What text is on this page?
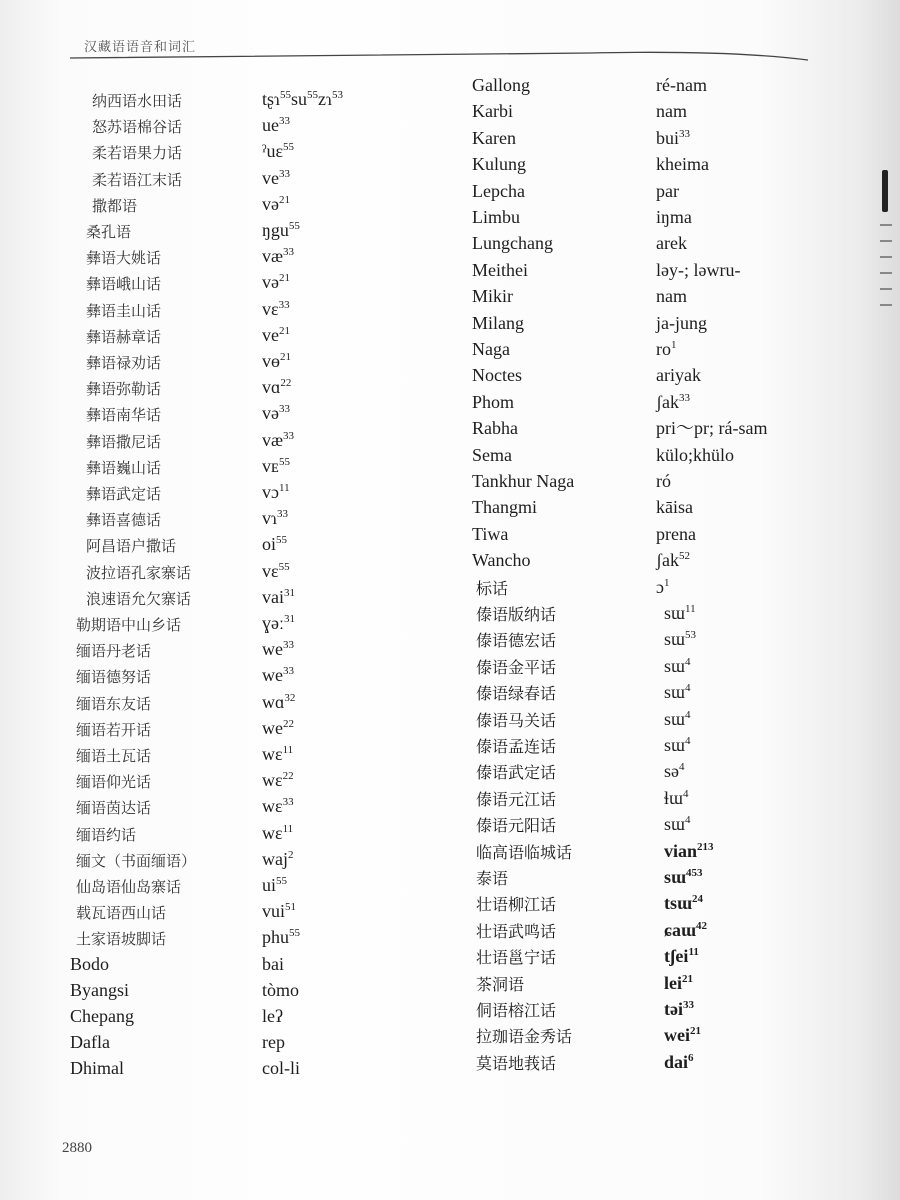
汉藏语语音和词汇
2880
纳西语水田话	$tʂɿ^{55}su^{55}zɿ^{53}$
怒苏语棉谷话	$ue^{33}$
柔若语果力话	ˀuɛ$^{55}$
柔若语江末话	$ve^{33}$
撒都语	və$^{21}$
桑孔语	ŋgu$^{55}$
彝语大姚话	$væ^{33}$
彝语峨山话	və$^{21}$
彝语圭山话	vɛ$^{33}$
彝语赫章话	$ve^{21}$
彝语禄劝话	vɵ$^{21}$
彝语弥勒话	vɑ$^{22}$
彝语南华话	və$^{33}$
彝语撒尼话	$væ^{33}$
彝语巍山话	vᴇ$^{55}$
彝语武定话	vɔ$^{11}$
彝语喜德话	vɿ$^{33}$
阿昌语户撒话	$oi^{55}$
波拉语孔家寨话	vɛ$^{55}$
浪速语允欠寨话	vai$^{31}$
勒期语中山乡话	ɣəː$^{31}$
缅语丹老话	$we^{33}$
缅语德努话	$we^{33}$
缅语东友话	wɑ$^{32}$
缅语若开话	$we^{22}$
缅语土瓦话	wɛ$^{11}$
缅语仰光话	wɛ$^{22}$
缅语茵达话	wɛ$^{33}$
缅语约话	wɛ$^{11}$
缅文（书面缅语）	waj$^2$
仙岛语仙岛寨话	$ui^{55}$
载瓦语西山话	vui$^{51}$
土家语坡脚话	phu$^{55}$
Bodo	bai
Byangsi	tòmo
Chepang	leʔ
Dafla	rep
Dhimal	col-li
Gallong	ré-nam
Karbi	nam
Karen	bui$^{33}$
Kulung	kheima
Lepcha	par
Limbu	iŋma
Lungchang	arek
Meithei	ləy-; ləwru-
Mikir	nam
Milang	ja-jung
Naga	$ro^1$
Noctes	ariyak
Phom	ʃak$^{33}$
Rabha	pri～pr; rá-sam
Sema	külo;khülo
Tankhur Naga	ró
Thangmi	kāisa
Tiwa	prena
Wancho	ʃak$^{52}$
标话	ɔ$^1$
傣语版纳话	sɯ$^{11}$
傣语德宏话	sɯ$^{53}$
傣语金平话	sɯ$^4$
傣语绿春话	sɯ$^4$
傣语马关话	sɯ$^4$
傣语孟连话	sɯ$^4$
傣语武定话	sə$^4$
傣语元江话	ɬɯ$^4$
傣语元阳话	sɯ$^4$
临高语临城话	vian$^{213}$
泰语	sɯ$^{453}$
壮语柳江话	tsɯ$^{24}$
壮语武鸣话	ɕaɯ$^{42}$
壮语邕宁话	tʃei$^{11}$
茶洞语	lei$^{21}$
侗语榕江话	təi$^{33}$
拉珈语金秀话	wei$^{21}$
莫语地莪话	dai$^6$
